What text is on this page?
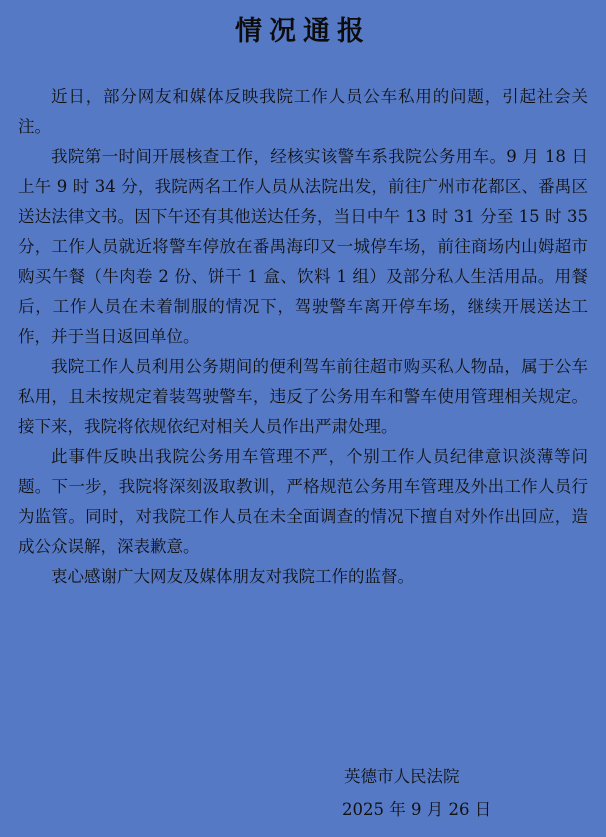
情况通报

近日，部分网友和媒体反映我院工作人员公车私用的问题，引起社会关注。

我院第一时间开展核查工作，经核实该警车系我院公务用车。9 月 18 日上午 9 时 34 分，我院两名工作人员从法院出发，前往广州市花都区、番禺区送达法律文书。因下午还有其他送达任务，当日中午 13 时 31 分至 15 时 35 分，工作人员就近将警车停放在番禺海印又一城停车场，前往商场内山姆超市购买午餐（牛肉卷 2 份、饼干 1 盒、饮料 1 组）及部分私人生活用品。用餐后，工作人员在未着制服的情况下，驾驶警车离开停车场，继续开展送达工作，并于当日返回单位。

我院工作人员利用公务期间的便利驾车前往超市购买私人物品，属于公车私用，且未按规定着装驾驶警车，违反了公务用车和警车使用管理相关规定。接下来，我院将依规依纪对相关人员作出严肃处理。

此事件反映出我院公务用车管理不严，个别工作人员纪律意识淡薄等问题。下一步，我院将深刻汲取教训，严格规范公务用车管理及外出工作人员行为监管。同时，对我院工作人员在未全面调查的情况下擅自对外作出回应，造成公众误解，深表歉意。

衷心感谢广大网友及媒体朋友对我院工作的监督。

英德市人民法院
2025 年 9 月 26 日
